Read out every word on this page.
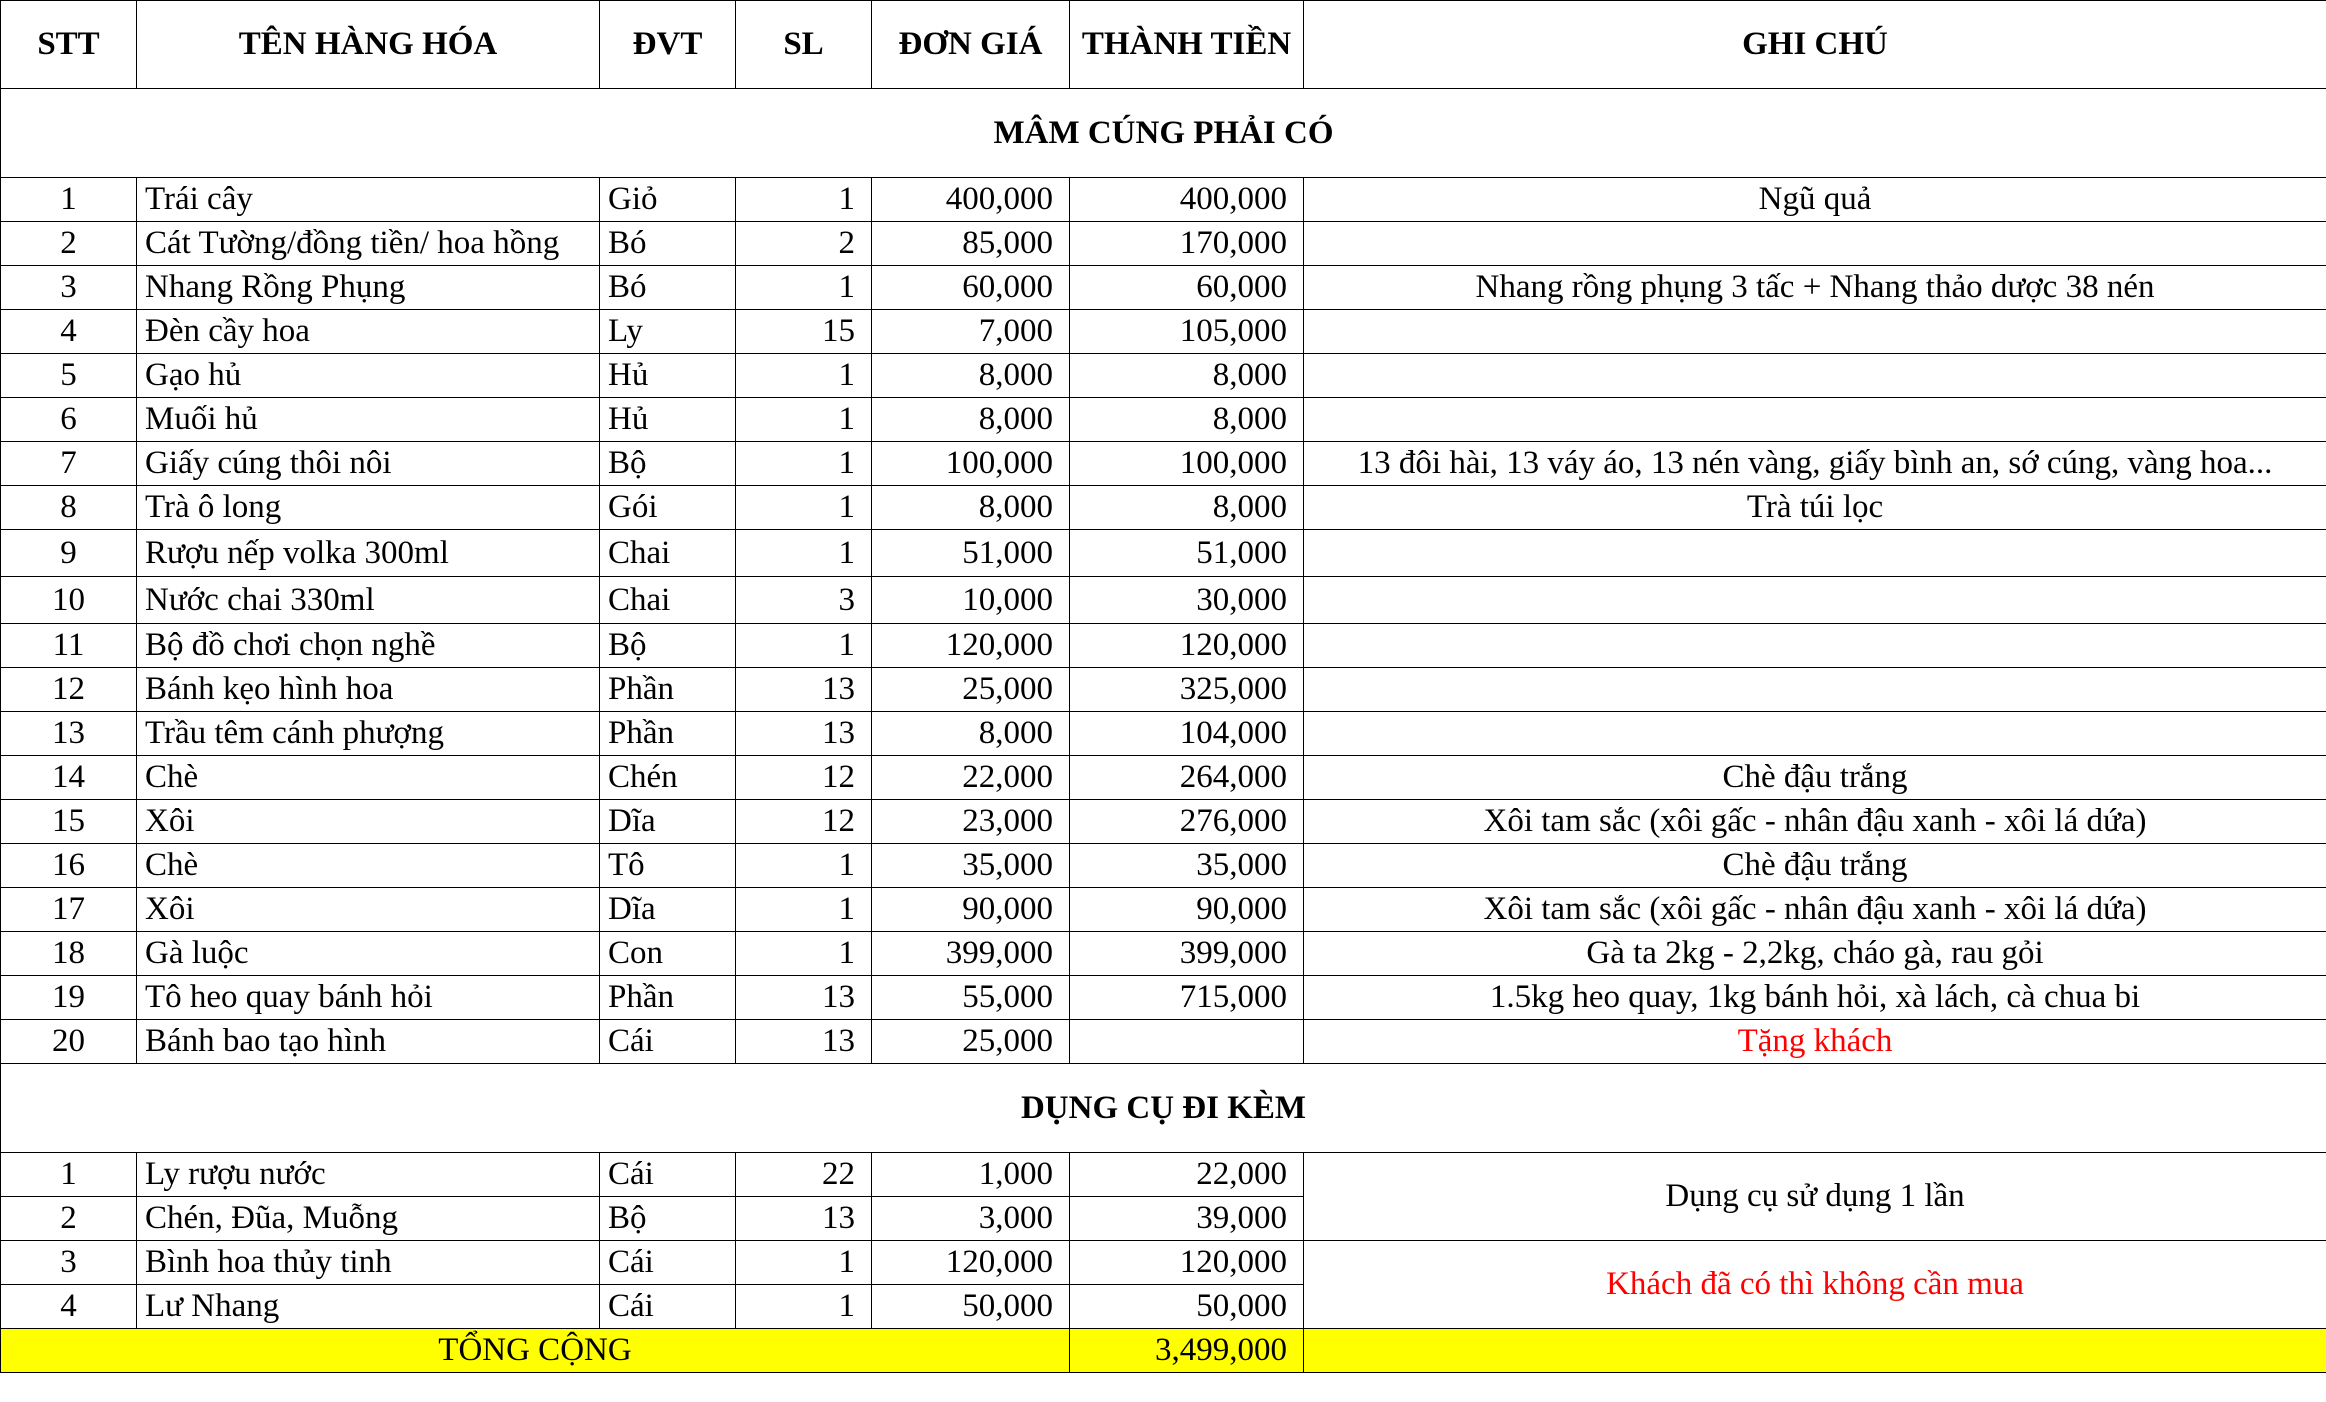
STT	TÊN HÀNG HÓA	ĐVT	SL	ĐƠN GIÁ	THÀNH TIỀN	GHI CHÚ
MÂM CÚNG PHẢI CÓ						
1	Trái cây	Giỏ	1	400,000	400,000	Ngũ quả
2	Cát Tường/đồng tiền/ hoa hồng	Bó	2	85,000	170,000	
3	Nhang Rồng Phụng	Bó	1	60,000	60,000	Nhang rồng phụng 3 tấc + Nhang thảo dược 38 nén
4	Đèn cầy hoa	Ly	15	7,000	105,000	
5	Gạo hủ	Hủ	1	8,000	8,000	
6	Muối hủ	Hủ	1	8,000	8,000	
7	Giấy cúng thôi nôi	Bộ	1	100,000	100,000	13 đôi hài, 13 váy áo, 13 nén vàng, giấy bình an, sớ cúng, vàng hoa...
8	Trà ô long	Gói	1	8,000	8,000	Trà túi lọc
9	Rượu nếp volka 300ml	Chai	1	51,000	51,000	
10	Nước chai 330ml	Chai	3	10,000	30,000	
11	Bộ đồ chơi chọn nghề	Bộ	1	120,000	120,000	
12	Bánh kẹo hình hoa	Phần	13	25,000	325,000	
13	Trầu têm cánh phượng	Phần	13	8,000	104,000	
14	Chè	Chén	12	22,000	264,000	Chè đậu trắng
15	Xôi	Dĩa	12	23,000	276,000	Xôi tam sắc (xôi gấc - nhân đậu xanh - xôi lá dứa)
16	Chè	Tô	1	35,000	35,000	Chè đậu trắng
17	Xôi	Dĩa	1	90,000	90,000	Xôi tam sắc (xôi gấc - nhân đậu xanh - xôi lá dứa)
18	Gà luộc	Con	1	399,000	399,000	Gà ta 2kg - 2,2kg, cháo gà, rau gỏi
19	Tô heo quay bánh hỏi	Phần	13	55,000	715,000	1.5kg heo quay, 1kg bánh hỏi, xà lách, cà chua bi
20	Bánh bao tạo hình	Cái	13	25,000		Tặng khách
DỤNG CỤ ĐI KÈM						
1	Ly rượu nước	Cái	22	1,000	22,000	Dụng cụ sử dụng 1 lần
2	Chén, Đũa, Muỗng	Bộ	13	3,000	39,000	
3	Bình hoa thủy tinh	Cái	1	120,000	120,000	Khách đã có thì không cần mua
4	Lư Nhang	Cái	1	50,000	50,000	
TỔNG CỘNG					3,499,000	
